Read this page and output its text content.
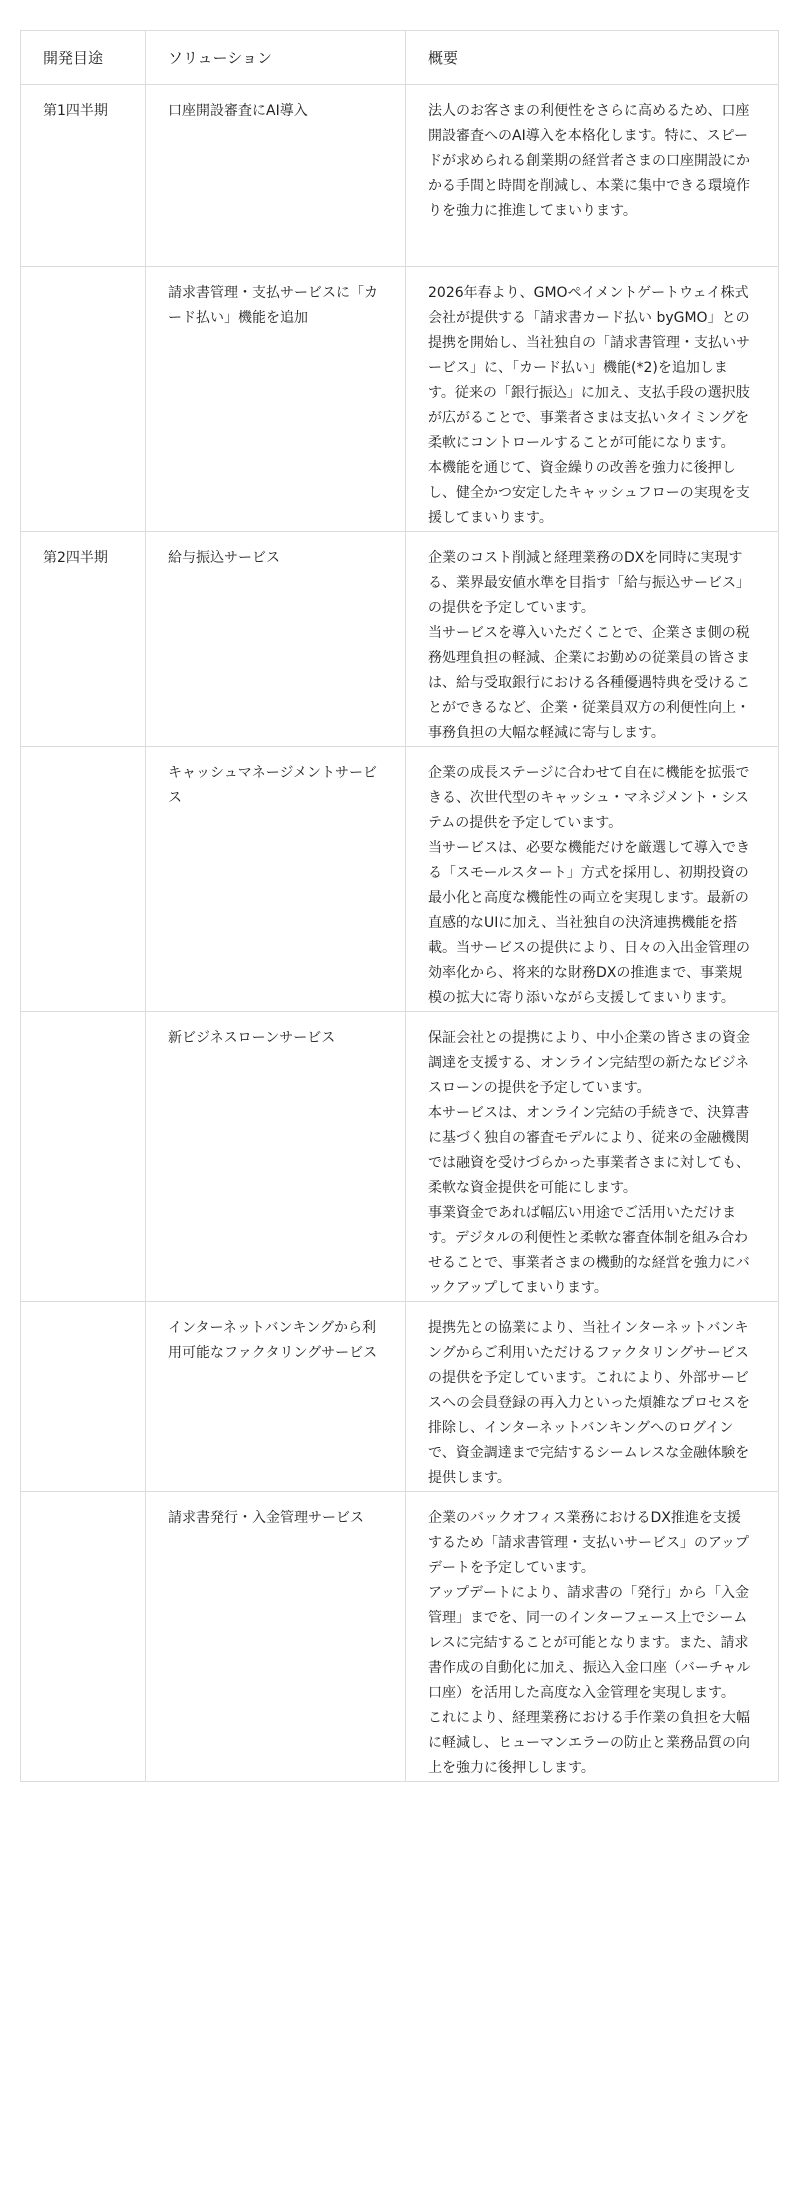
開発目途	ソリューション	概要

第1四半期	口座開設審査にAI導入	法人のお客さまの利便性をさらに高めるため、口座開設審査へのAI導入を本格化します。特に、スピードが求められる創業期の経営者さまの口座開設にかかる手間と時間を削減し、本業に集中できる環境作りを強力に推進してまいります。

	請求書管理・支払サービスに「カード払い」機能を追加	2026年春より、GMOペイメントゲートウェイ株式会社が提供する「請求書カード払い byGMO」との提携を開始し、当社独自の「請求書管理・支払いサービス」に、「カード払い」機能(*2)を追加します。従来の「銀行振込」に加え、支払手段の選択肢が広がることで、事業者さまは支払いタイミングを柔軟にコントロールすることが可能になります。

本機能を通じて、資金繰りの改善を強力に後押しし、健全かつ安定したキャッシュフローの実現を支援してまいります。

第2四半期	給与振込サービス	企業のコスト削減と経理業務のDXを同時に実現する、業界最安値水準を目指す「給与振込サービス」の提供を予定しています。

当サービスを導入いただくことで、企業さま側の税務処理負担の軽減、企業にお勤めの従業員の皆さまは、給与受取銀行における各種優遇特典を受けることができるなど、企業・従業員双方の利便性向上・事務負担の大幅な軽減に寄与します。

	キャッシュマネージメントサービス	企業の成長ステージに合わせて自在に機能を拡張できる、次世代型のキャッシュ・マネジメント・システムの提供を予定しています。

当サービスは、必要な機能だけを厳選して導入できる「スモールスタート」方式を採用し、初期投資の最小化と高度な機能性の両立を実現します。最新の直感的なUIに加え、当社独自の決済連携機能を搭載。当サービスの提供により、日々の入出金管理の効率化から、将来的な財務DXの推進まで、事業規模の拡大に寄り添いながら支援してまいります。

	新ビジネスローンサービス	保証会社との提携により、中小企業の皆さまの資金調達を支援する、オンライン完結型の新たなビジネスローンの提供を予定しています。

本サービスは、オンライン完結の手続きで、決算書に基づく独自の審査モデルにより、従来の金融機関では融資を受けづらかった事業者さまに対しても、柔軟な資金提供を可能にします。

事業資金であれば幅広い用途でご活用いただけます。デジタルの利便性と柔軟な審査体制を組み合わせることで、事業者さまの機動的な経営を強力にバックアップしてまいります。

	インターネットバンキングから利用可能なファクタリングサービス	提携先との協業により、当社インターネットバンキングからご利用いただけるファクタリングサービスの提供を予定しています。これにより、外部サービスへの会員登録の再入力といった煩雑なプロセスを排除し、インターネットバンキングへのログインで、資金調達まで完結するシームレスな金融体験を提供します。

	請求書発行・入金管理サービス	企業のバックオフィス業務におけるDX推進を支援するため「請求書管理・支払いサービス」のアップデートを予定しています。

アップデートにより、請求書の「発行」から「入金管理」までを、同一のインターフェース上でシームレスに完結することが可能となります。また、請求書作成の自動化に加え、振込入金口座（バーチャル口座）を活用した高度な入金管理を実現します。

これにより、経理業務における手作業の負担を大幅に軽減し、ヒューマンエラーの防止と業務品質の向上を強力に後押しします。
